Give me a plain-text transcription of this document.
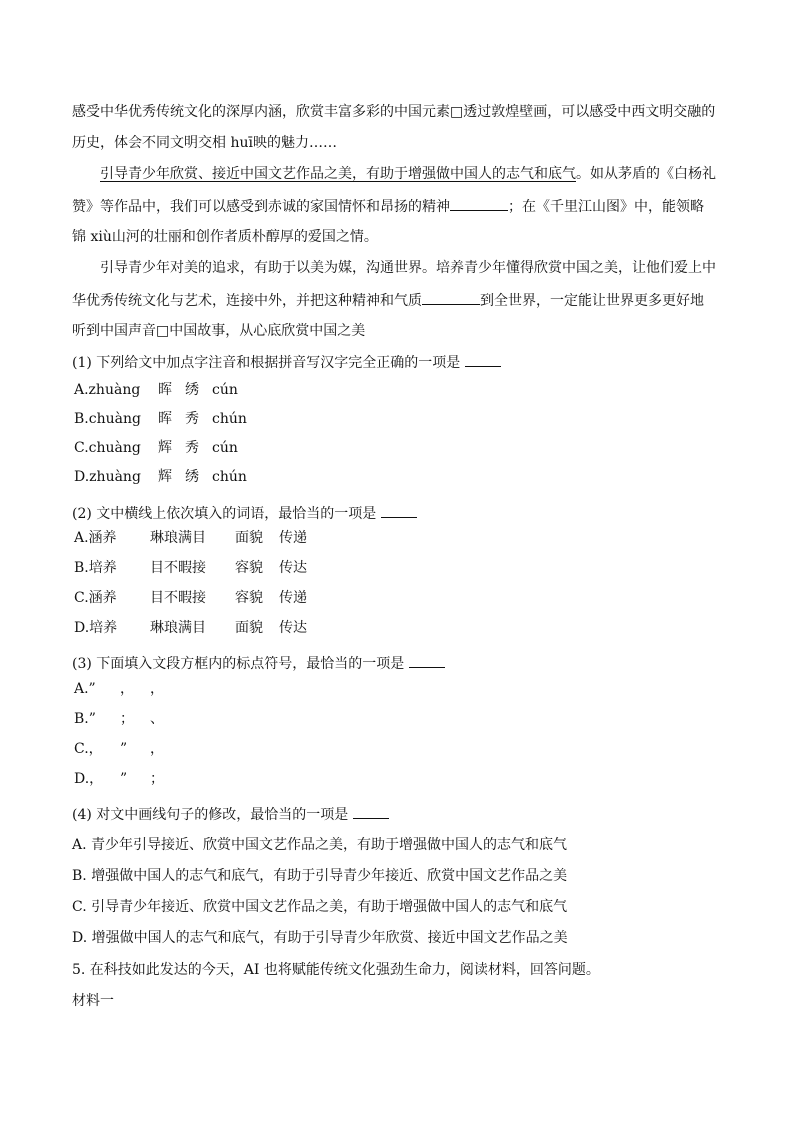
感受中华优秀传统文化的深厚内涵，欣赏丰富多彩的中国元素□透过敦煌壁画，可以感受中西文明交融的
历史，体会不同文明交相 huī映的魅力……
引导青少年欣赏、接近中国文艺作品之美，有助于增强做中国人的志气和底气。如从茅盾的《白杨礼
赞》等作品中，我们可以感受到赤诚的家国情怀和昂扬的精神	；在《千里江山图》中，能领略
锦 xiù山河的壮丽和创作者质朴醇厚的爱国之情。
引导青少年对美的追求，有助于以美为媒，沟通世界。培养青少年懂得欣赏中国之美，让他们爱上中
华优秀传统文化与艺术，连接中外，并把这种精神和气质	到全世界，一定能让世界更多更好地
听到中国声音□中国故事，从心底欣赏中国之美
(1) 下列给文中加点字注音和根据拼音写汉字完全正确的一项是
A.zhuàng 晖 绣 cún
B.chuàng 晖 秀 chún
C.chuàng 辉 秀 cún
D.zhuàng 辉 绣 chún
(2) 文中横线上依次填入的词语，最恰当的一项是
A.涵养 琳琅满目 面貌 传递
B.培养 目不暇接 容貌 传达
C.涵养 目不暇接 容貌 传递
D.培养 琳琅满目 面貌 传达
(3) 下面填入文段方框内的标点符号，最恰当的一项是
A.” ， ，
B.” ； 、
C.， ” ，
D.， ” ；
(4) 对文中画线句子的修改，最恰当的一项是
A. 青少年引导接近、欣赏中国文艺作品之美，有助于增强做中国人的志气和底气
B. 增强做中国人的志气和底气，有助于引导青少年接近、欣赏中国文艺作品之美
C. 引导青少年接近、欣赏中国文艺作品之美，有助于增强做中国人的志气和底气
D. 增强做中国人的志气和底气，有助于引导青少年欣赏、接近中国文艺作品之美
5. 在科技如此发达的今天，AI 也将赋能传统文化强劲生命力，阅读材料，回答问题。
材料一
